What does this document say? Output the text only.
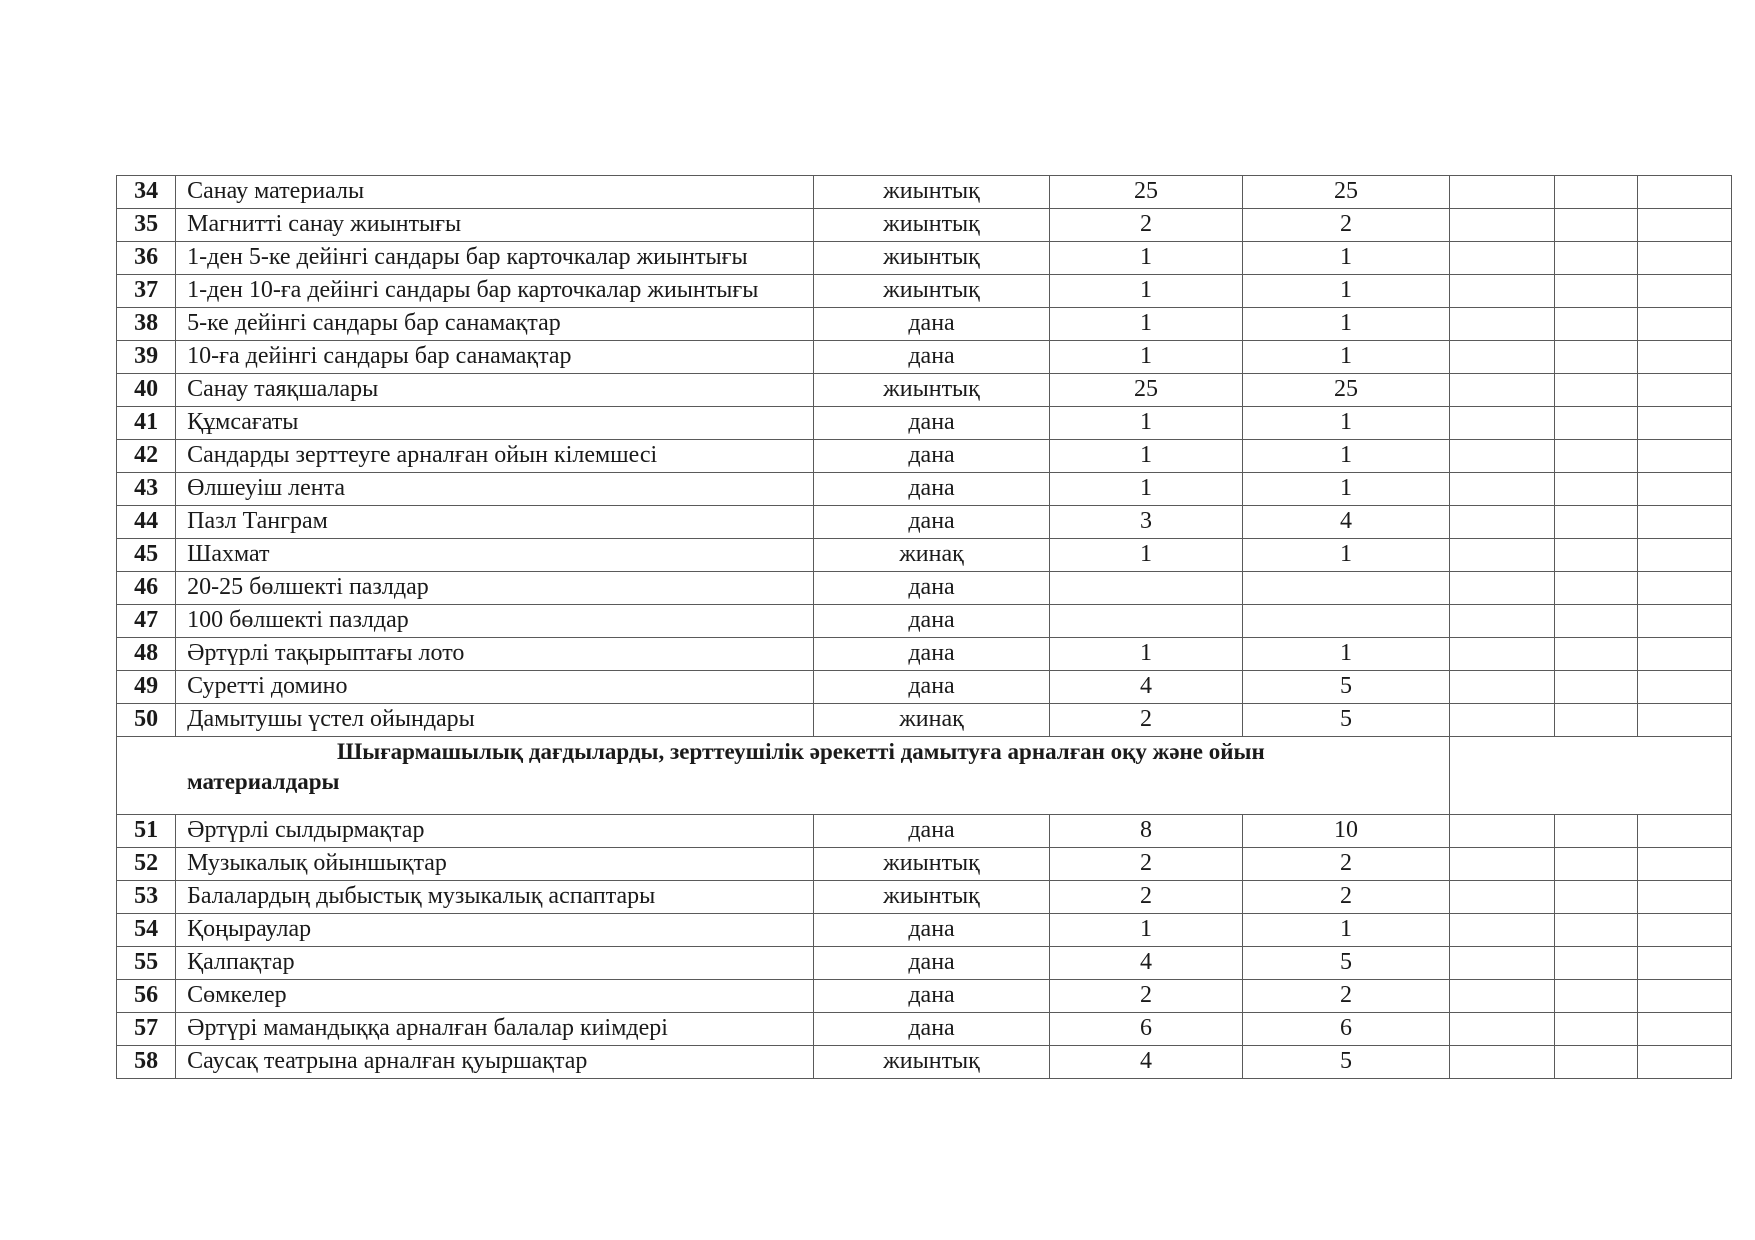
34	Санау материалы	жиынтық	25	25			
35	Магнитті санау жиынтығы	жиынтық	2	2			
36	1-ден 5-ке дейінгі сандары бар карточкалар жиынтығы	жиынтық	1	1			
37	1-ден 10-ға дейінгі сандары бар карточкалар жиынтығы	жиынтық	1	1			
38	5-ке дейінгі сандары бар санамақтар	дана	1	1			
39	10-ға дейінгі сандары бар санамақтар	дана	1	1			
40	Санау таяқшалары	жиынтық	25	25			
41	Құмсағаты	дана	1	1			
42	Сандарды зерттеуге арналған ойын кілемшесі	дана	1	1			
43	Өлшеуіш лента	дана	1	1			
44	Пазл Танграм	дана	3	4			
45	Шахмат	жинақ	1	1			
46	20-25 бөлшекті пазлдар	дана					
47	100 бөлшекті пазлдар	дана					
48	Әртүрлі тақырыптағы лото	дана	1	1			
49	Суретті домино	дана	4	5			
50	Дамытушы үстел ойындары	жинақ	2	5			
Шығармашылық дағдыларды, зерттеушілік әрекетті дамытуға арналған оқу және ойын материалдары							
51	Әртүрлі сылдырмақтар	дана	8	10			
52	Музыкалық ойыншықтар	жиынтық	2	2			
53	Балалардың дыбыстық музыкалық аспаптары	жиынтық	2	2			
54	Қоңыраулар	дана	1	1			
55	Қалпақтар	дана	4	5			
56	Сөмкелер	дана	2	2			
57	Әртүрі мамандыққа арналған балалар киімдері	дана	6	6			
58	Саусақ театрына арналған қуыршақтар	жиынтық	4	5			
